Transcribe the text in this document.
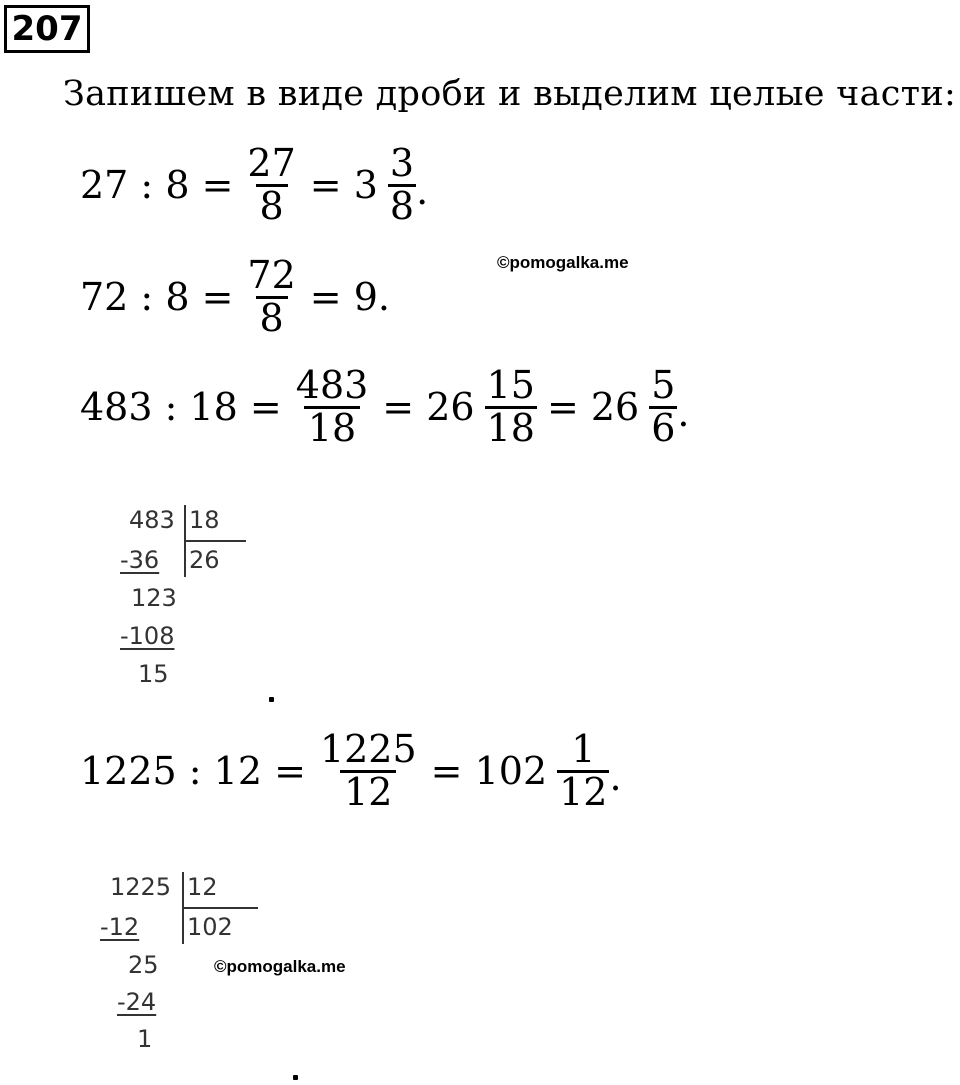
207
Запишем в виде дроби и выделим целые части:
27 : $8 = \frac{27}{8} = 3 \frac{3}{8}$ .
©pomogalka.me
72 : $8 = \frac{72}{8} = 9$.
483 : $18 = \frac{483}{18} = 26 \frac{15}{18} = 26 \frac{5}{6}$ .
483 18
-36 26
123
-108
15
1225 : $12 = \frac{1225}{12} = 102 \frac{1}{12}$ .
1225 12
-12 102
25
-24
1
©pomogalka.me
